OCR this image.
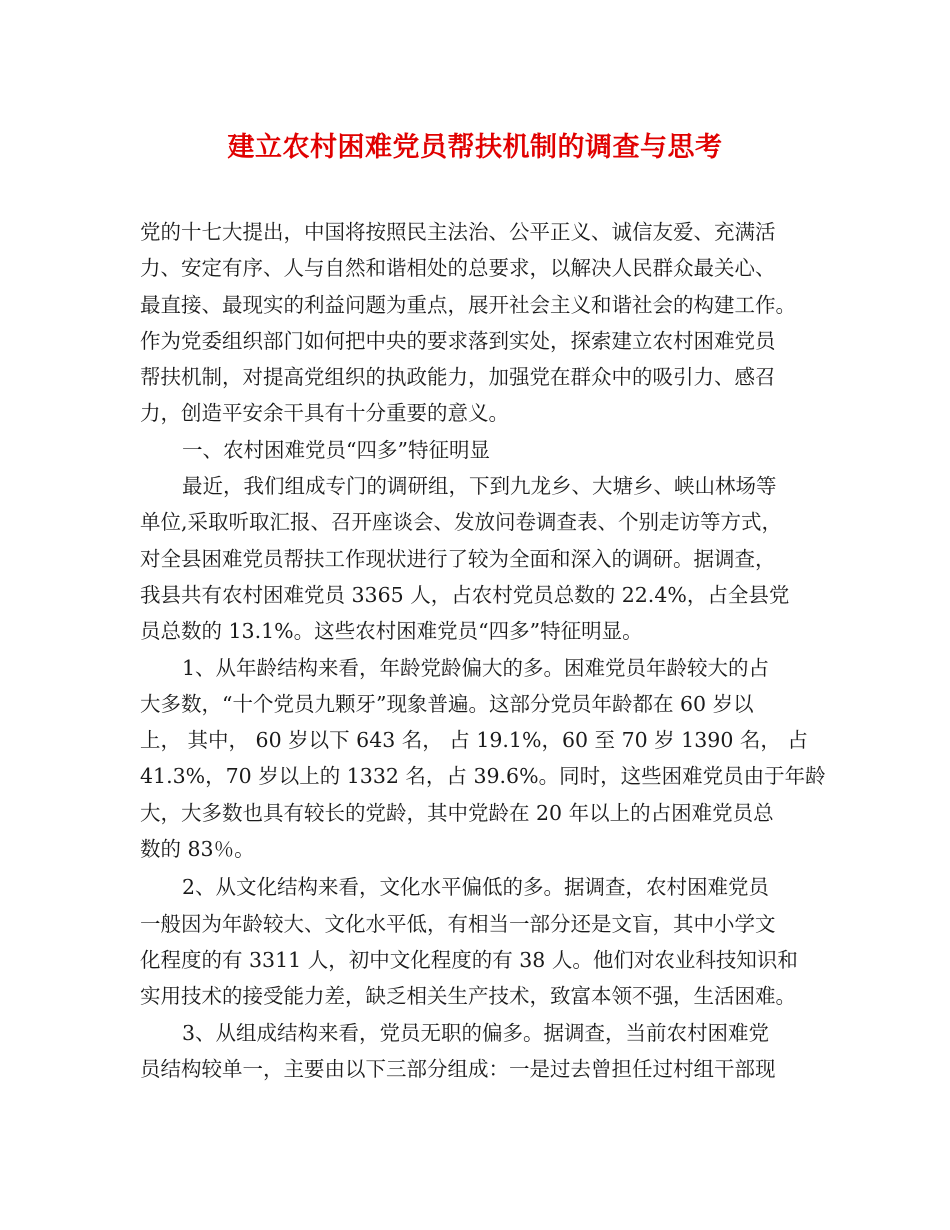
建立农村困难党员帮扶机制的调查与思考
党的十七大提出，中国将按照民主法治、公平正义、诚信友爱、充满活
力、安定有序、人与自然和谐相处的总要求，以解决人民群众最关心、
最直接、最现实的利益问题为重点，展开社会主义和谐社会的构建工作。
作为党委组织部门如何把中央的要求落到实处，探索建立农村困难党员
帮扶机制，对提高党组织的执政能力，加强党在群众中的吸引力、感召
力，创造平安余干具有十分重要的意义。
一、农村困难党员“四多”特征明显
最近，我们组成专门的调研组，下到九龙乡、大塘乡、峡山林场等
单位,采取听取汇报、召开座谈会、发放问卷调查表、个别走访等方式，
对全县困难党员帮扶工作现状进行了较为全面和深入的调研。据调查，
我县共有农村困难党员 3365 人，占农村党员总数的 22.4%，占全县党
员总数的 13.1%。这些农村困难党员“四多”特征明显。
1、从年龄结构来看，年龄党龄偏大的多。困难党员年龄较大的占
大多数，“十个党员九颗牙”现象普遍。这部分党员年龄都在 60 岁以
上， 其中， 60 岁以下 643 名， 占 19.1%，60 至 70 岁 1390 名， 占
41.3%，70 岁以上的 1332 名，占 39.6%。同时，这些困难党员由于年龄
大，大多数也具有较长的党龄，其中党龄在 20 年以上的占困难党员总
数的 83％。
2、从文化结构来看，文化水平偏低的多。据调查，农村困难党员
一般因为年龄较大、文化水平低，有相当一部分还是文盲，其中小学文
化程度的有 3311 人，初中文化程度的有 38 人。他们对农业科技知识和
实用技术的接受能力差，缺乏相关生产技术，致富本领不强，生活困难。
3、从组成结构来看，党员无职的偏多。据调查，当前农村困难党
员结构较单一，主要由以下三部分组成：一是过去曾担任过村组干部现
